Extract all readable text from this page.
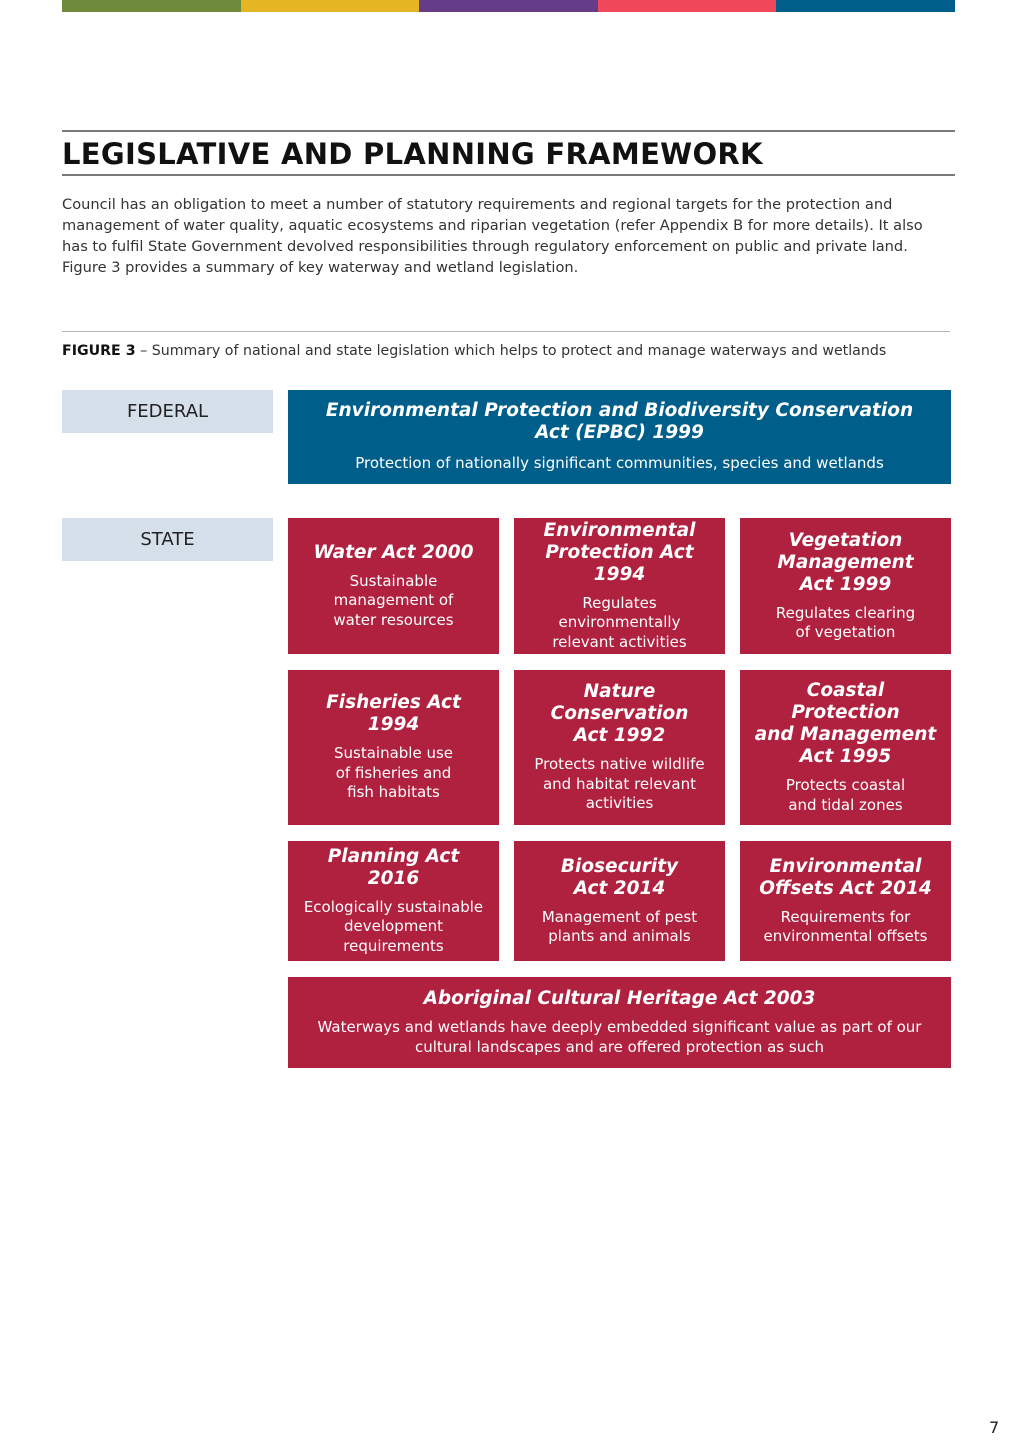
LEGISLATIVE AND PLANNING FRAMEWORK
Council has an obligation to meet a number of statutory requirements and regional targets for the protection and
management of water quality, aquatic ecosystems and riparian vegetation (refer Appendix B for more details). It also
has to fulfil State Government devolved responsibilities through regulatory enforcement on public and private land.
Figure 3 provides a summary of key waterway and wetland legislation.
FIGURE 3 – Summary of national and state legislation which helps to protect and manage waterways and wetlands
FEDERAL
STATE
Environmental Protection and Biodiversity Conservation
Act (EPBC) 1999
Protection of nationally significant communities, species and wetlands
Water Act 2000
Sustainable
management of
water resources
Environmental
Protection Act 1994
Regulates
environmentally
relevant activities
Vegetation
Management
Act 1999
Regulates clearing
of vegetation
Fisheries Act 1994
Sustainable use
of fisheries and
fish habitats
Nature
Conservation
Act 1992
Protects native wildlife
and habitat relevant
activities
Coastal Protection
and Management
Act 1995
Protects coastal
and tidal zones
Planning Act 2016
Ecologically sustainable
development
requirements
Biosecurity
Act 2014
Management of pest
plants and animals
Environmental
Offsets Act 2014
Requirements for
environmental offsets
Aboriginal Cultural Heritage Act 2003
Waterways and wetlands have deeply embedded significant value as part of our
cultural landscapes and are offered protection as such
7
